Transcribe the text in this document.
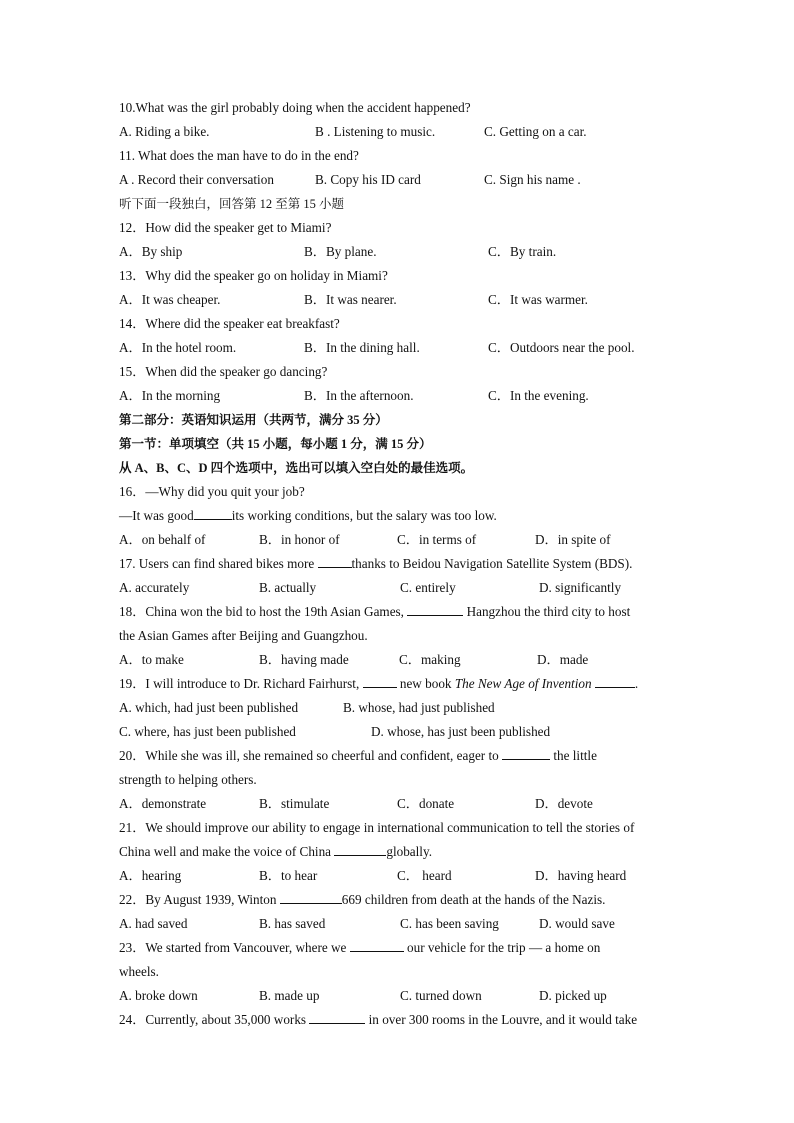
10.What was the girl probably doing when the accident happened?
A. Riding a bike.	B . Listening to music.	C. Getting on a car.
11. What does the man have to do in the end?
A . Record their conversation	B. Copy his ID card	C. Sign his name .
听下面一段独白，回答第 12 至第 15 小题
12．How did the speaker get to Miami?
A．By ship	B．By plane.	C．By train.
13．Why did the speaker go on holiday in Miami?
A．It was cheaper.	B．It was nearer.	C．It was warmer.
14．Where did the speaker eat breakfast?
A．In the hotel room.	B．In the dining hall.	C．Outdoors near the pool.
15．When did the speaker go dancing?
A．In the morning	B．In the afternoon.	C．In the evening.
第二部分：英语知识运用（共两节，满分 35 分）
第一节：单项填空（共 15 小题，每小题 1 分，满 15 分）
从 A、B、C、D 四个选项中，选出可以填入空白处的最佳选项。
16．—Why did you quit your job?
—It was good	its working conditions, but the salary was too low.
A．on behalf of	B．in honor of	C．in terms of	D．in spite of
17. Users can find shared bikes more	thanks to Beidou Navigation Satellite System (BDS).
A. accurately	B. actually	C. entirely	D. significantly
18．China won the bid to host the 19th Asian Games,	Hangzhou the third city to host
the Asian Games after Beijing and Guangzhou.
A．to make	B．having made	C．making	D．made
19．I will introduce to Dr. Richard Fairhurst,	new book The New Age of Invention	.
A. which, had just been published	B. whose, had just published
C. where, has just been published	D. whose, has just been published
20．While she was ill, she remained so cheerful and confident, eager to	the little
strength to helping others.
A．demonstrate	B．stimulate	C．donate	D．devote
21．We should improve our ability to engage in international communication to tell the stories of
China well and make the voice of China	globally.
A．hearing	B．to hear	C． heard	D．having heard
22．By August 1939, Winton	669 children from death at the hands of the Nazis.
A. had saved	B. has saved	C. has been saving	D. would save
23．We started from Vancouver, where we	our vehicle for the trip — a home on
wheels.
A. broke down	B. made up	C. turned down	D. picked up
24．Currently, about 35,000 works	in over 300 rooms in the Louvre, and it would take
